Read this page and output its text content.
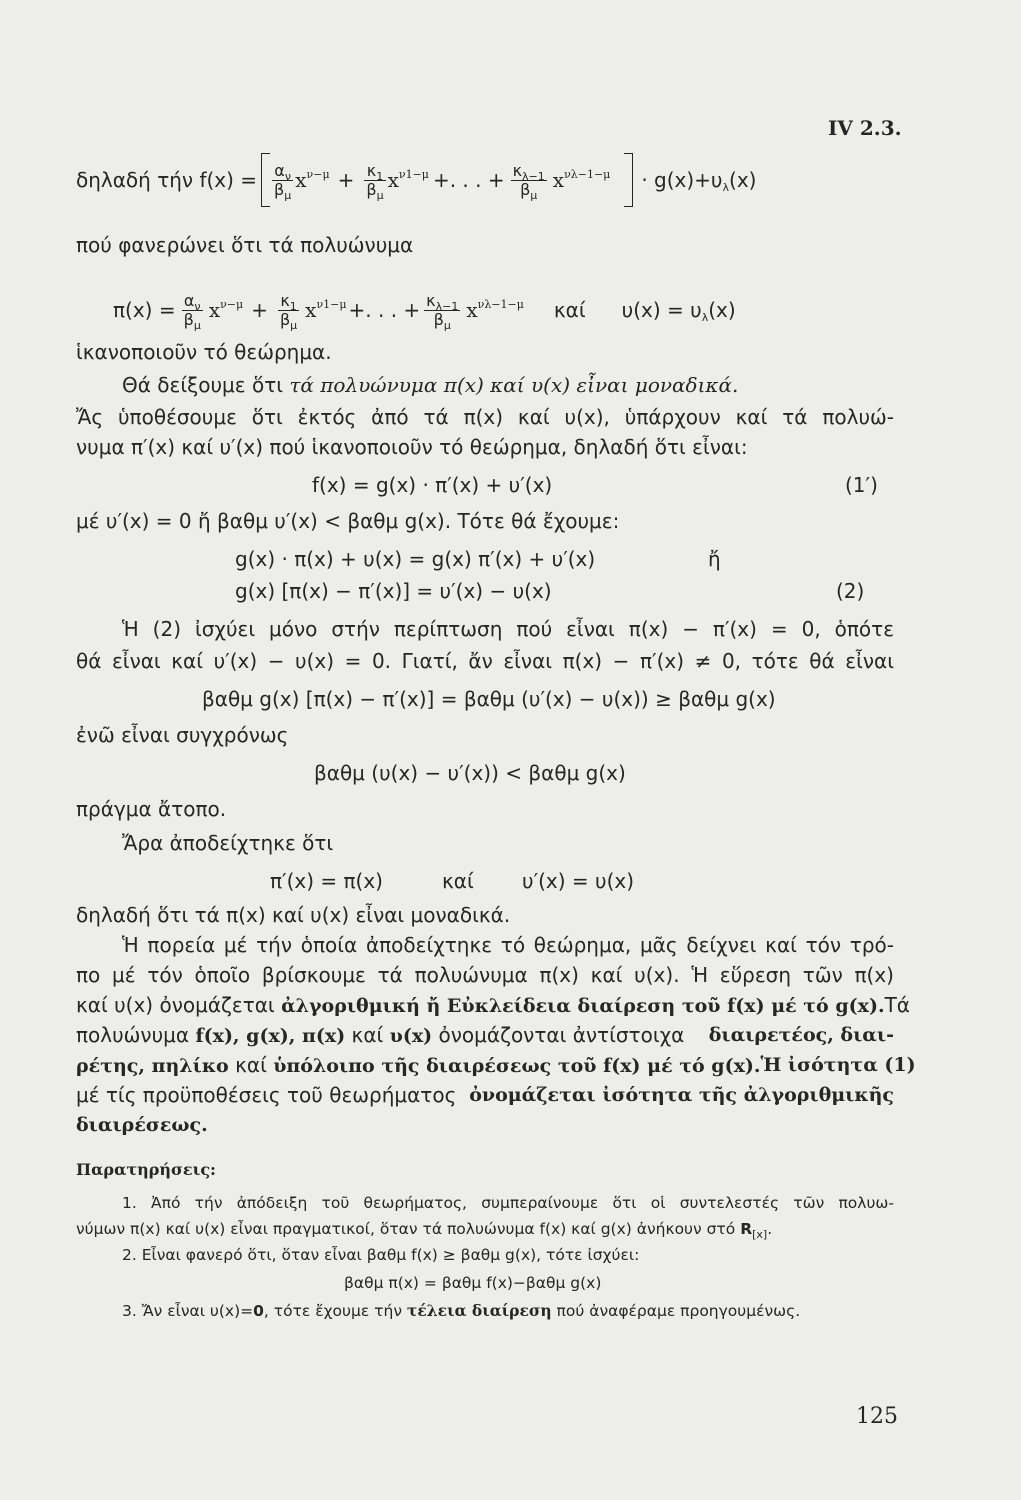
IV 2.3.
δηλαδή τήν $f(x) = \frac{\alpha_\nu}{\beta_\mu} x^{\nu-\mu} + \frac{\kappa_1}{\beta_\mu} x^{\nu 1-\mu}$ +. . . + $\frac{\kappa_{\lambda-1}}{\beta_\mu} x^{\nu\lambda-1-\mu} \cdot g(x)+\upsilon_\lambda(x)$
πού φανερώνει ὅτι τά πολυώνυμα
$\pi(x) = \frac{\alpha_\nu}{\beta_\mu} x^{\nu-\mu} + \frac{\kappa_1}{\beta_\mu} x^{\nu 1-\mu}$ +. . . + $\frac{\kappa_{\lambda-1}}{\beta_\mu} x^{\nu\lambda-1-\mu}$ καί $\upsilon(x) = \upsilon_\lambda(x)$
ἱκανοποιοῦν τό θεώρημα.
Θά δείξουμε ὅτι τά πολυώνυμα π(x) καί υ(x) εἶναι μοναδικά.
Ἄς ὑποθέσουμε ὅτι ἐκτός ἀπό τά π(x) καί υ(x), ὑπάρχουν καί τά πολυώ-
νυμα π′(x) καί υ′(x) πού ἱκανοποιοῦν τό θεώρημα, δηλαδή ὅτι εἶναι:
f(x) = g(x) · π′(x) + υ′(x)	(1′)
μέ υ′(x) = 0 ἤ βαθμ υ′(x) < βαθμ g(x). Τότε θά ἔχουμε:
g(x) · π(x) + υ(x) = g(x) π′(x) + υ′(x)	ἤ
g(x) [π(x) − π′(x)] = υ′(x) − υ(x)	(2)
Ἡ (2) ἰσχύει μόνο στήν περίπτωση πού εἶναι π(x) − π′(x) = 0, ὁπότε
θά εἶναι καί υ′(x) − υ(x) = 0. Γιατί, ἄν εἶναι π(x) − π′(x) ≠ 0, τότε θά εἶναι
βαθμ g(x) [π(x) − π′(x)] = βαθμ (υ′(x) − υ(x)) ≥ βαθμ g(x)
ἐνῶ εἶναι συγχρόνως
βαθμ (υ(x) − υ′(x)) < βαθμ g(x)
πράγμα ἄτοπο.
Ἄρα ἀποδείχτηκε ὅτι
π′(x) = π(x)	καί υ′(x) = υ(x)
δηλαδή ὅτι τά π(x) καί υ(x) εἶναι μοναδικά.
Ἡ πορεία μέ τήν ὁποία ἀποδείχτηκε τό θεώρημα, μᾶς δείχνει καί τόν τρό-
πο μέ τόν ὁποῖο βρίσκουμε τά πολυώνυμα π(x) καί υ(x). Ἡ εὕρεση τῶν π(x)
καί υ(x) ὀνομάζεται ἀλγοριθμική ἤ Εὐκλείδεια διαίρεση τοῦ f(x) μέ τό g(x). Τά
πολυώνυμα f(x), g(x), π(x) καί υ(x) ὀνομάζονται ἀντίστοιχα διαιρετέος, διαι-
ρέτης, πηλίκο καί ὑπόλοιπο τῆς διαιρέσεως τοῦ f(x) μέ τό g(x). Ἡ ἰσότητα (1)
μέ τίς προϋποθέσεις τοῦ θεωρήματος ὀνομάζεται ἰσότητα τῆς ἀλγοριθμικῆς
διαιρέσεως.
Παρατηρήσεις:
1. Ἀπό τήν ἀπόδειξη τοῦ θεωρήματος, συμπεραίνουμε ὅτι οἱ συντελεστές τῶν πολυω-
νύμων π(x) καί υ(x) εἶναι πραγματικοί, ὅταν τά πολυώνυμα f(x) καί g(x) ἀνήκουν στό $R_{[x]}$.
2. Εἶναι φανερό ὅτι, ὅταν εἶναι βαθμ f(x) ≥ βαθμ g(x), τότε ἰσχύει:
βαθμ π(x) = βαθμ f(x)−βαθμ g(x)
3. Ἄν εἶναι υ(x)=0, τότε ἔχουμε τήν τέλεια διαίρεση πού ἀναφέραμε προηγουμένως.
125
